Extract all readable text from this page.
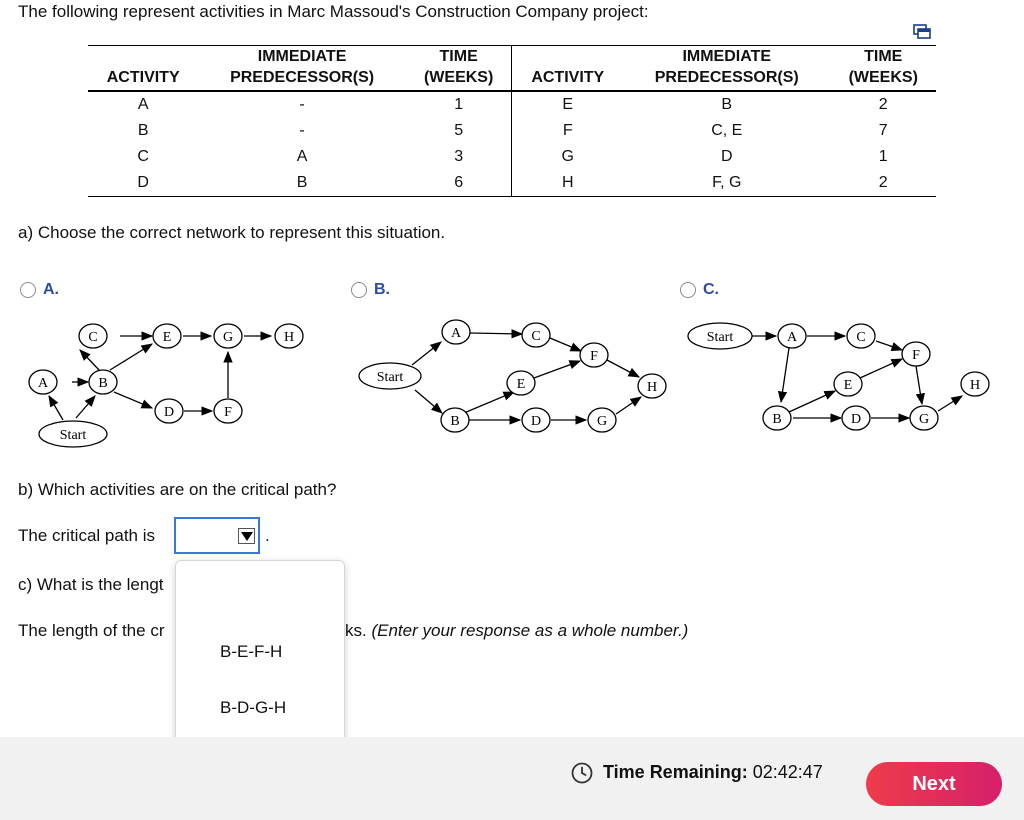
The following represent activities in Marc Massoud's Construction Company project:
	IMMEDIATE	TIME		IMMEDIATE	TIME
ACTIVITY	PREDECESSOR(S)	(WEEKS)	ACTIVITY	PREDECESSOR(S)	(WEEKS)
A	-	1	E	B	2
B	-	5	F	C, E	7
C	A	3	G	D	1
D	B	6	H	F, G	2
a) Choose the correct network to represent this situation.
A.	B.	C.
C	E	G	H
A	B
D	F
Start
Start
A	C
F
E	H
B	D	G
Start	A	C
F
E	H
B	D	G
b) Which activities are on the critical path?
The critical path is	.
c) What is the lengt
The length of the cr	ks. (Enter your response as a whole number.)
B-E-F-H
B-D-G-H
Time Remaining: 02:42:47
Next
